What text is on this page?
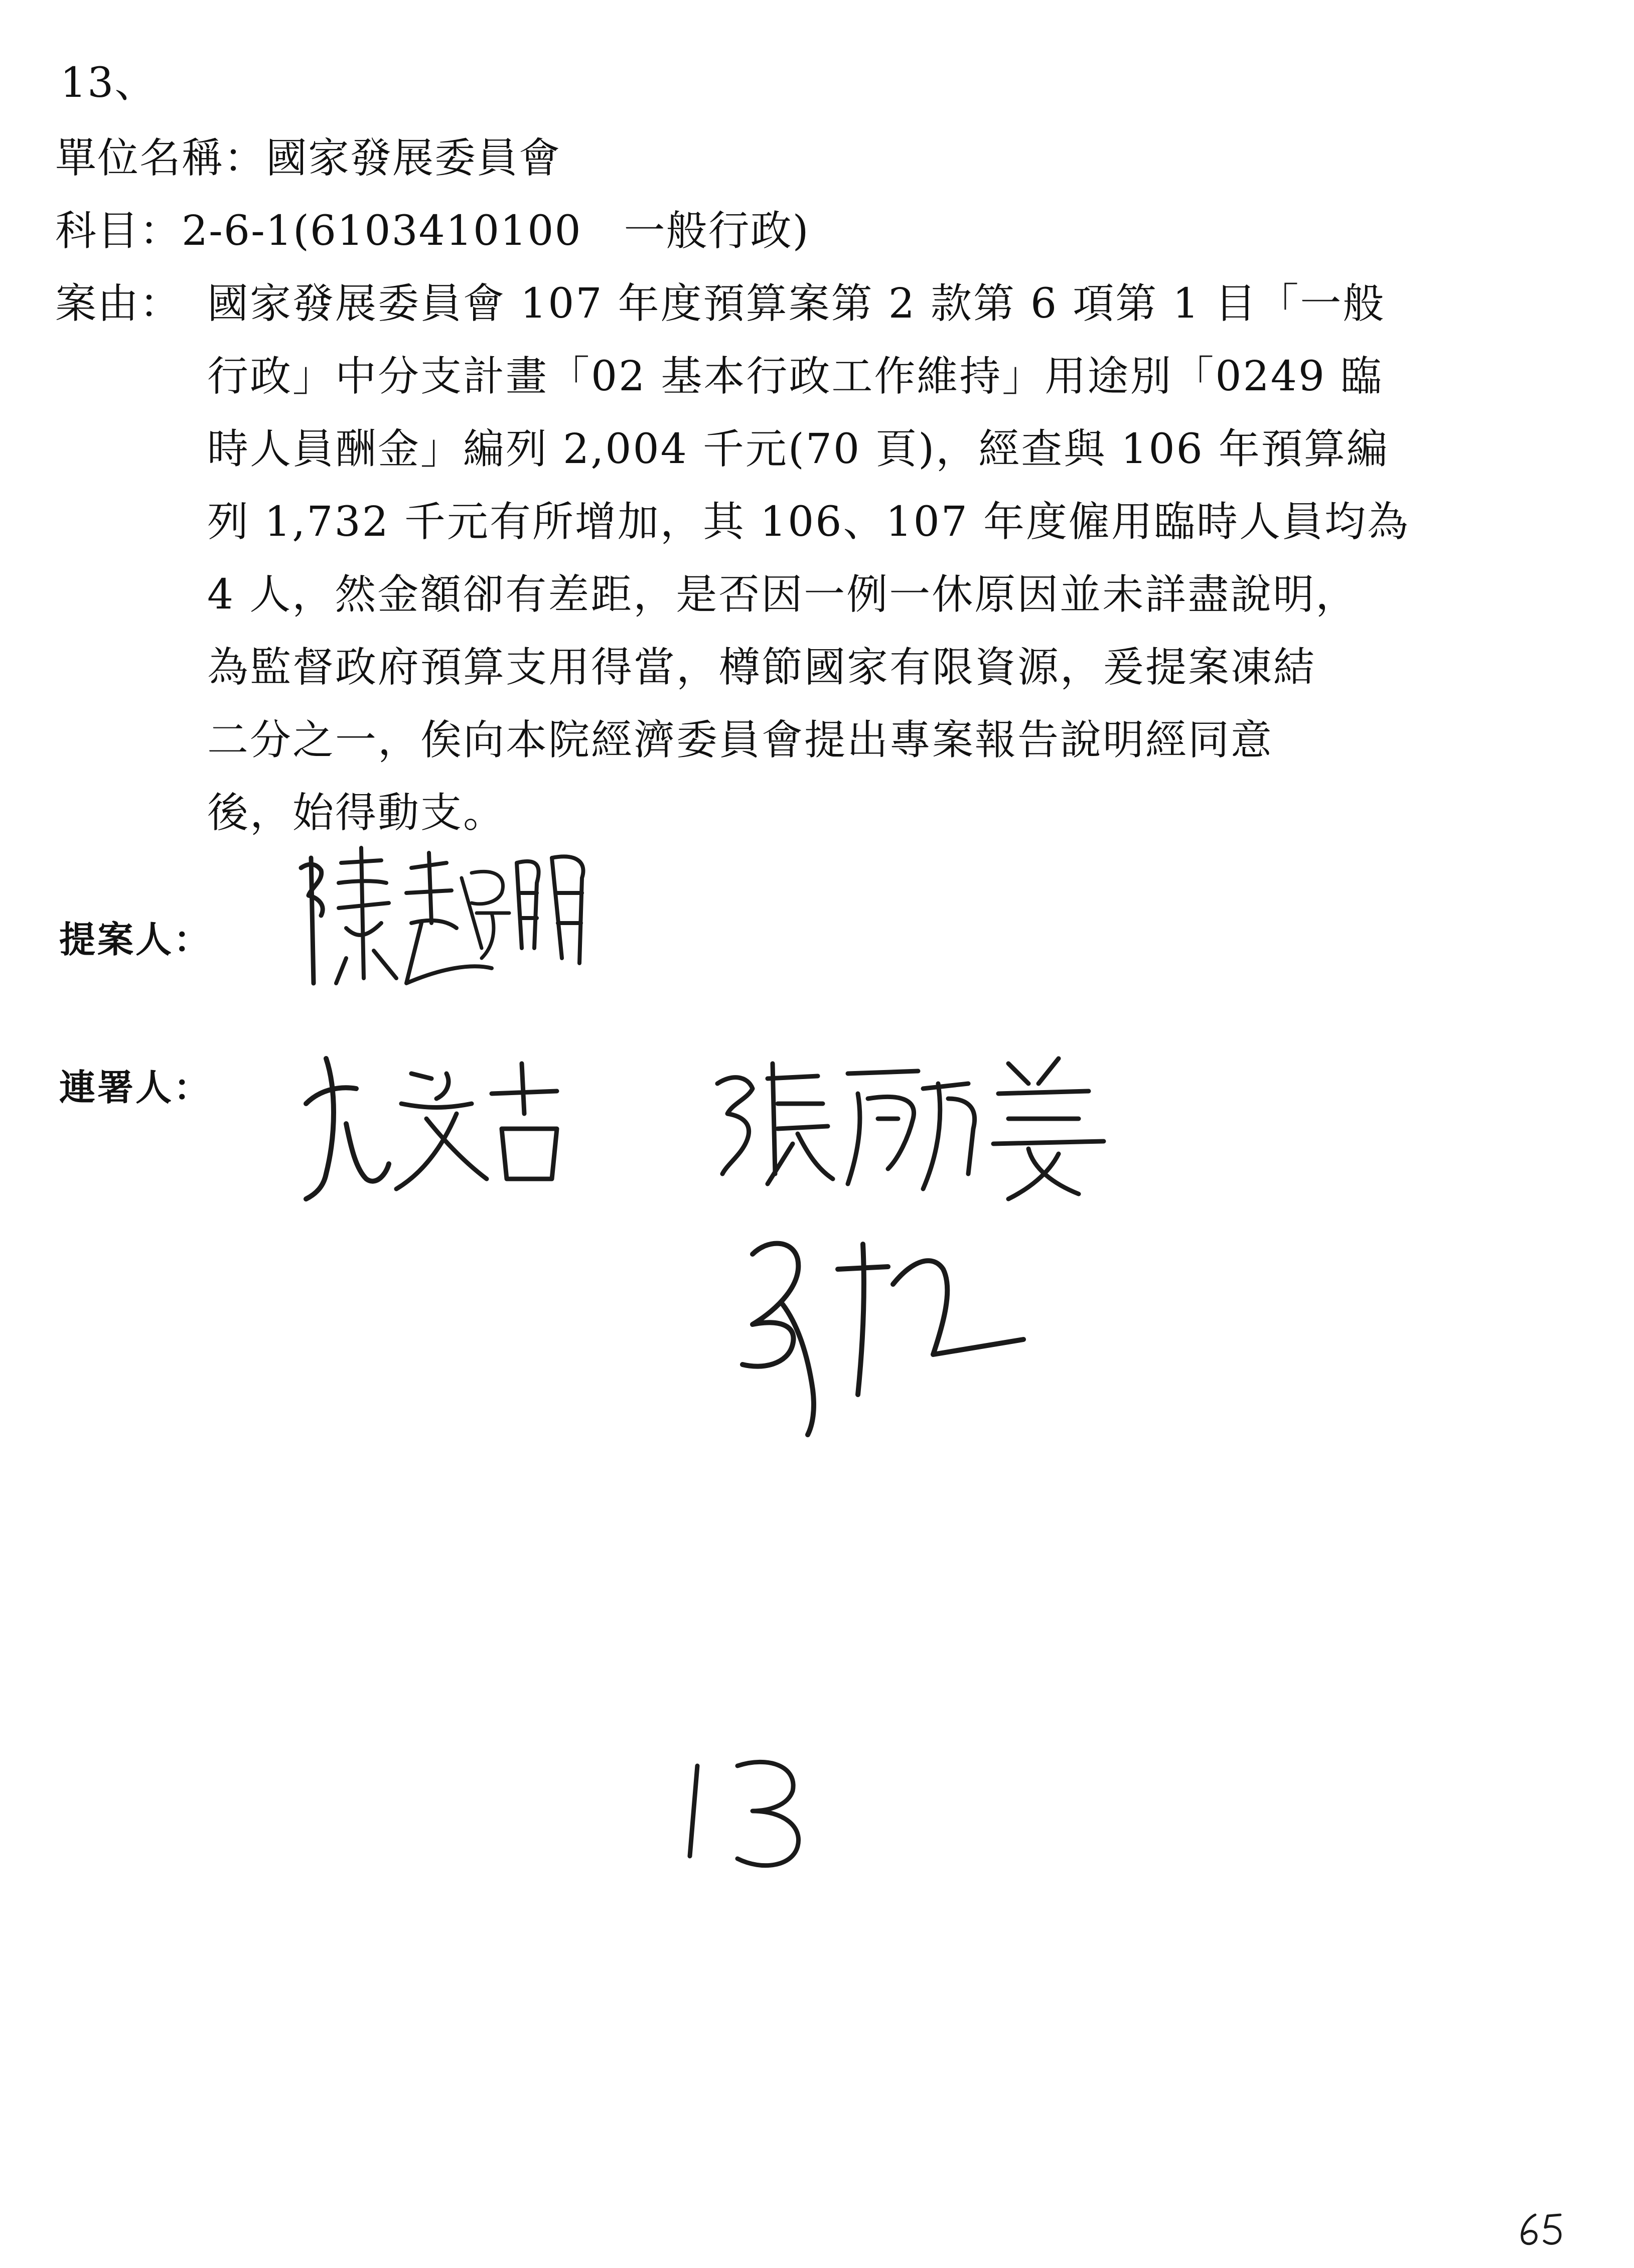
13、
單位名稱：國家發展委員會
科目：2-6-1(6103410100　一般行政)
案由： 國家發展委員會 107 年度預算案第 2 款第 6 項第 1 目「一般
行政」中分支計畫「02 基本行政工作維持」用途別「0249 臨
時人員酬金」編列 2,004 千元(70 頁)，經查與 106 年預算編
列 1,732 千元有所增加，其 106、107 年度僱用臨時人員均為
4 人，然金額卻有差距，是否因一例一休原因並未詳盡說明，
為監督政府預算支用得當，樽節國家有限資源，爰提案凍結
二分之一，俟向本院經濟委員會提出專案報告說明經同意
後，始得動支。
提案人：
連署人：
